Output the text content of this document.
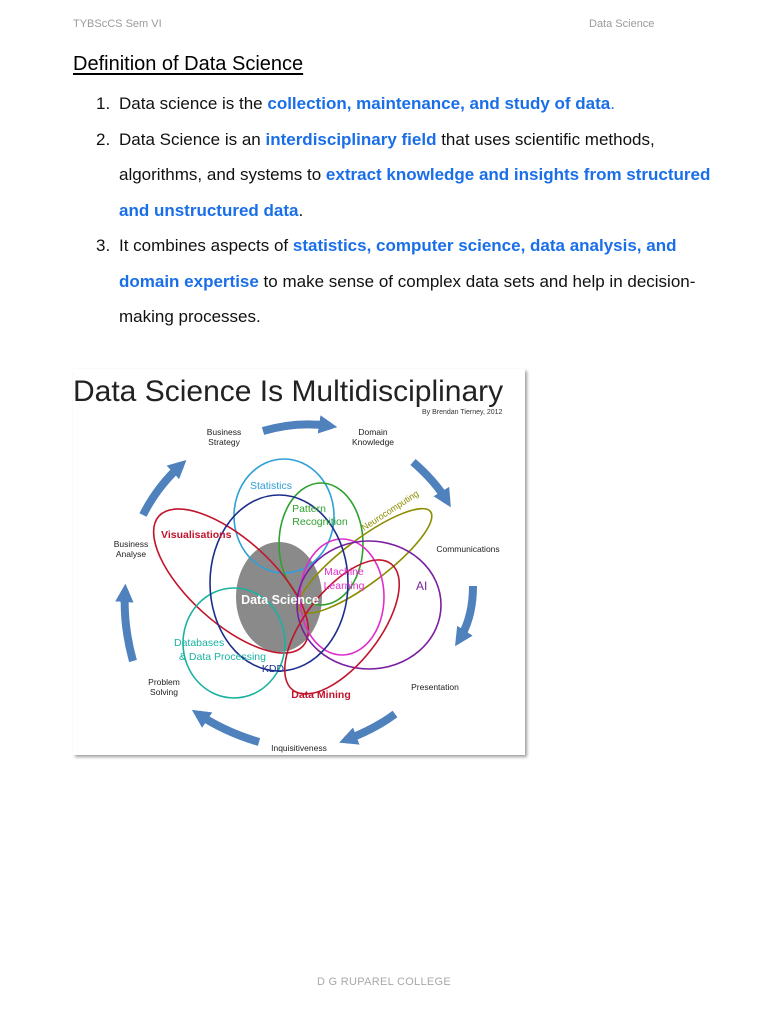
TYBScCS Sem VI	Data Science
Definition of Data Science
1. Data science is the collection, maintenance, and study of data.
2. Data Science is an interdisciplinary field that uses scientific methods, algorithms, and systems to extract knowledge and insights from structured and unstructured data.
3. It combines aspects of statistics, computer science, data analysis, and domain expertise to make sense of complex data sets and help in decision-making processes.
Data Science Is Multidisciplinary
By Brendan Tierney, 2012
Business
Strategy
Domain
Knowledge
Communications
Presentation
Inquisitiveness
Problem
Solving
Business
Analyse
Statistics
Pattern
Recognition Neurocomputing
Visualisations
Machine
Learning	AI
Data Science
Databases
& Data Processing
KDD
Data Mining
D G RUPAREL COLLEGE
